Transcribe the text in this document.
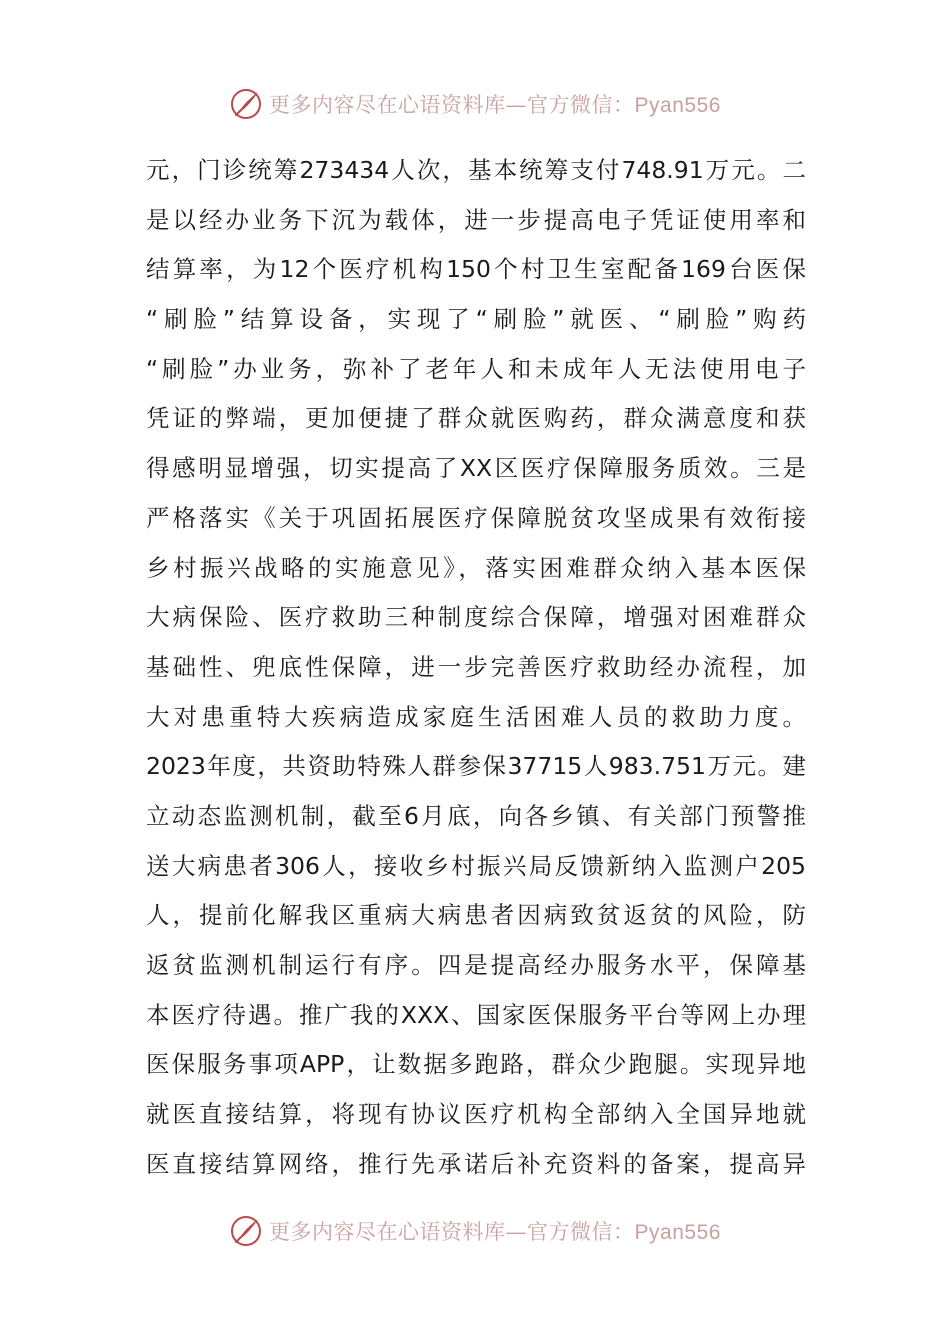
更多内容尽在心语资料库—官方微信：Pyan556
元，门诊统筹273434人次，基本统筹支付748.91万元。二
是以经办业务下沉为载体，进一步提高电子凭证使用率和
结算率，为12个医疗机构150个村卫生室配备169台医保
“刷脸”结算设备，实现了“刷脸”就医、“刷脸”购药
“刷脸”办业务，弥补了老年人和未成年人无法使用电子
凭证的弊端，更加便捷了群众就医购药，群众满意度和获
得感明显增强，切实提高了XX区医疗保障服务质效。三是
严格落实《关于巩固拓展医疗保障脱贫攻坚成果有效衔接
乡村振兴战略的实施意见》，落实困难群众纳入基本医保
大病保险、医疗救助三种制度综合保障，增强对困难群众
基础性、兜底性保障，进一步完善医疗救助经办流程，加
大对患重特大疾病造成家庭生活困难人员的救助力度。
2023年度，共资助特殊人群参保37715人983.751万元。建
立动态监测机制，截至6月底，向各乡镇、有关部门预警推
送大病患者306人，接收乡村振兴局反馈新纳入监测户205
人，提前化解我区重病大病患者因病致贫返贫的风险，防
返贫监测机制运行有序。四是提高经办服务水平，保障基
本医疗待遇。推广我的XXX、国家医保服务平台等网上办理
医保服务事项APP，让数据多跑路，群众少跑腿。实现异地
就医直接结算，将现有协议医疗机构全部纳入全国异地就
医直接结算网络，推行先承诺后补充资料的备案，提高异
更多内容尽在心语资料库—官方微信：Pyan556
